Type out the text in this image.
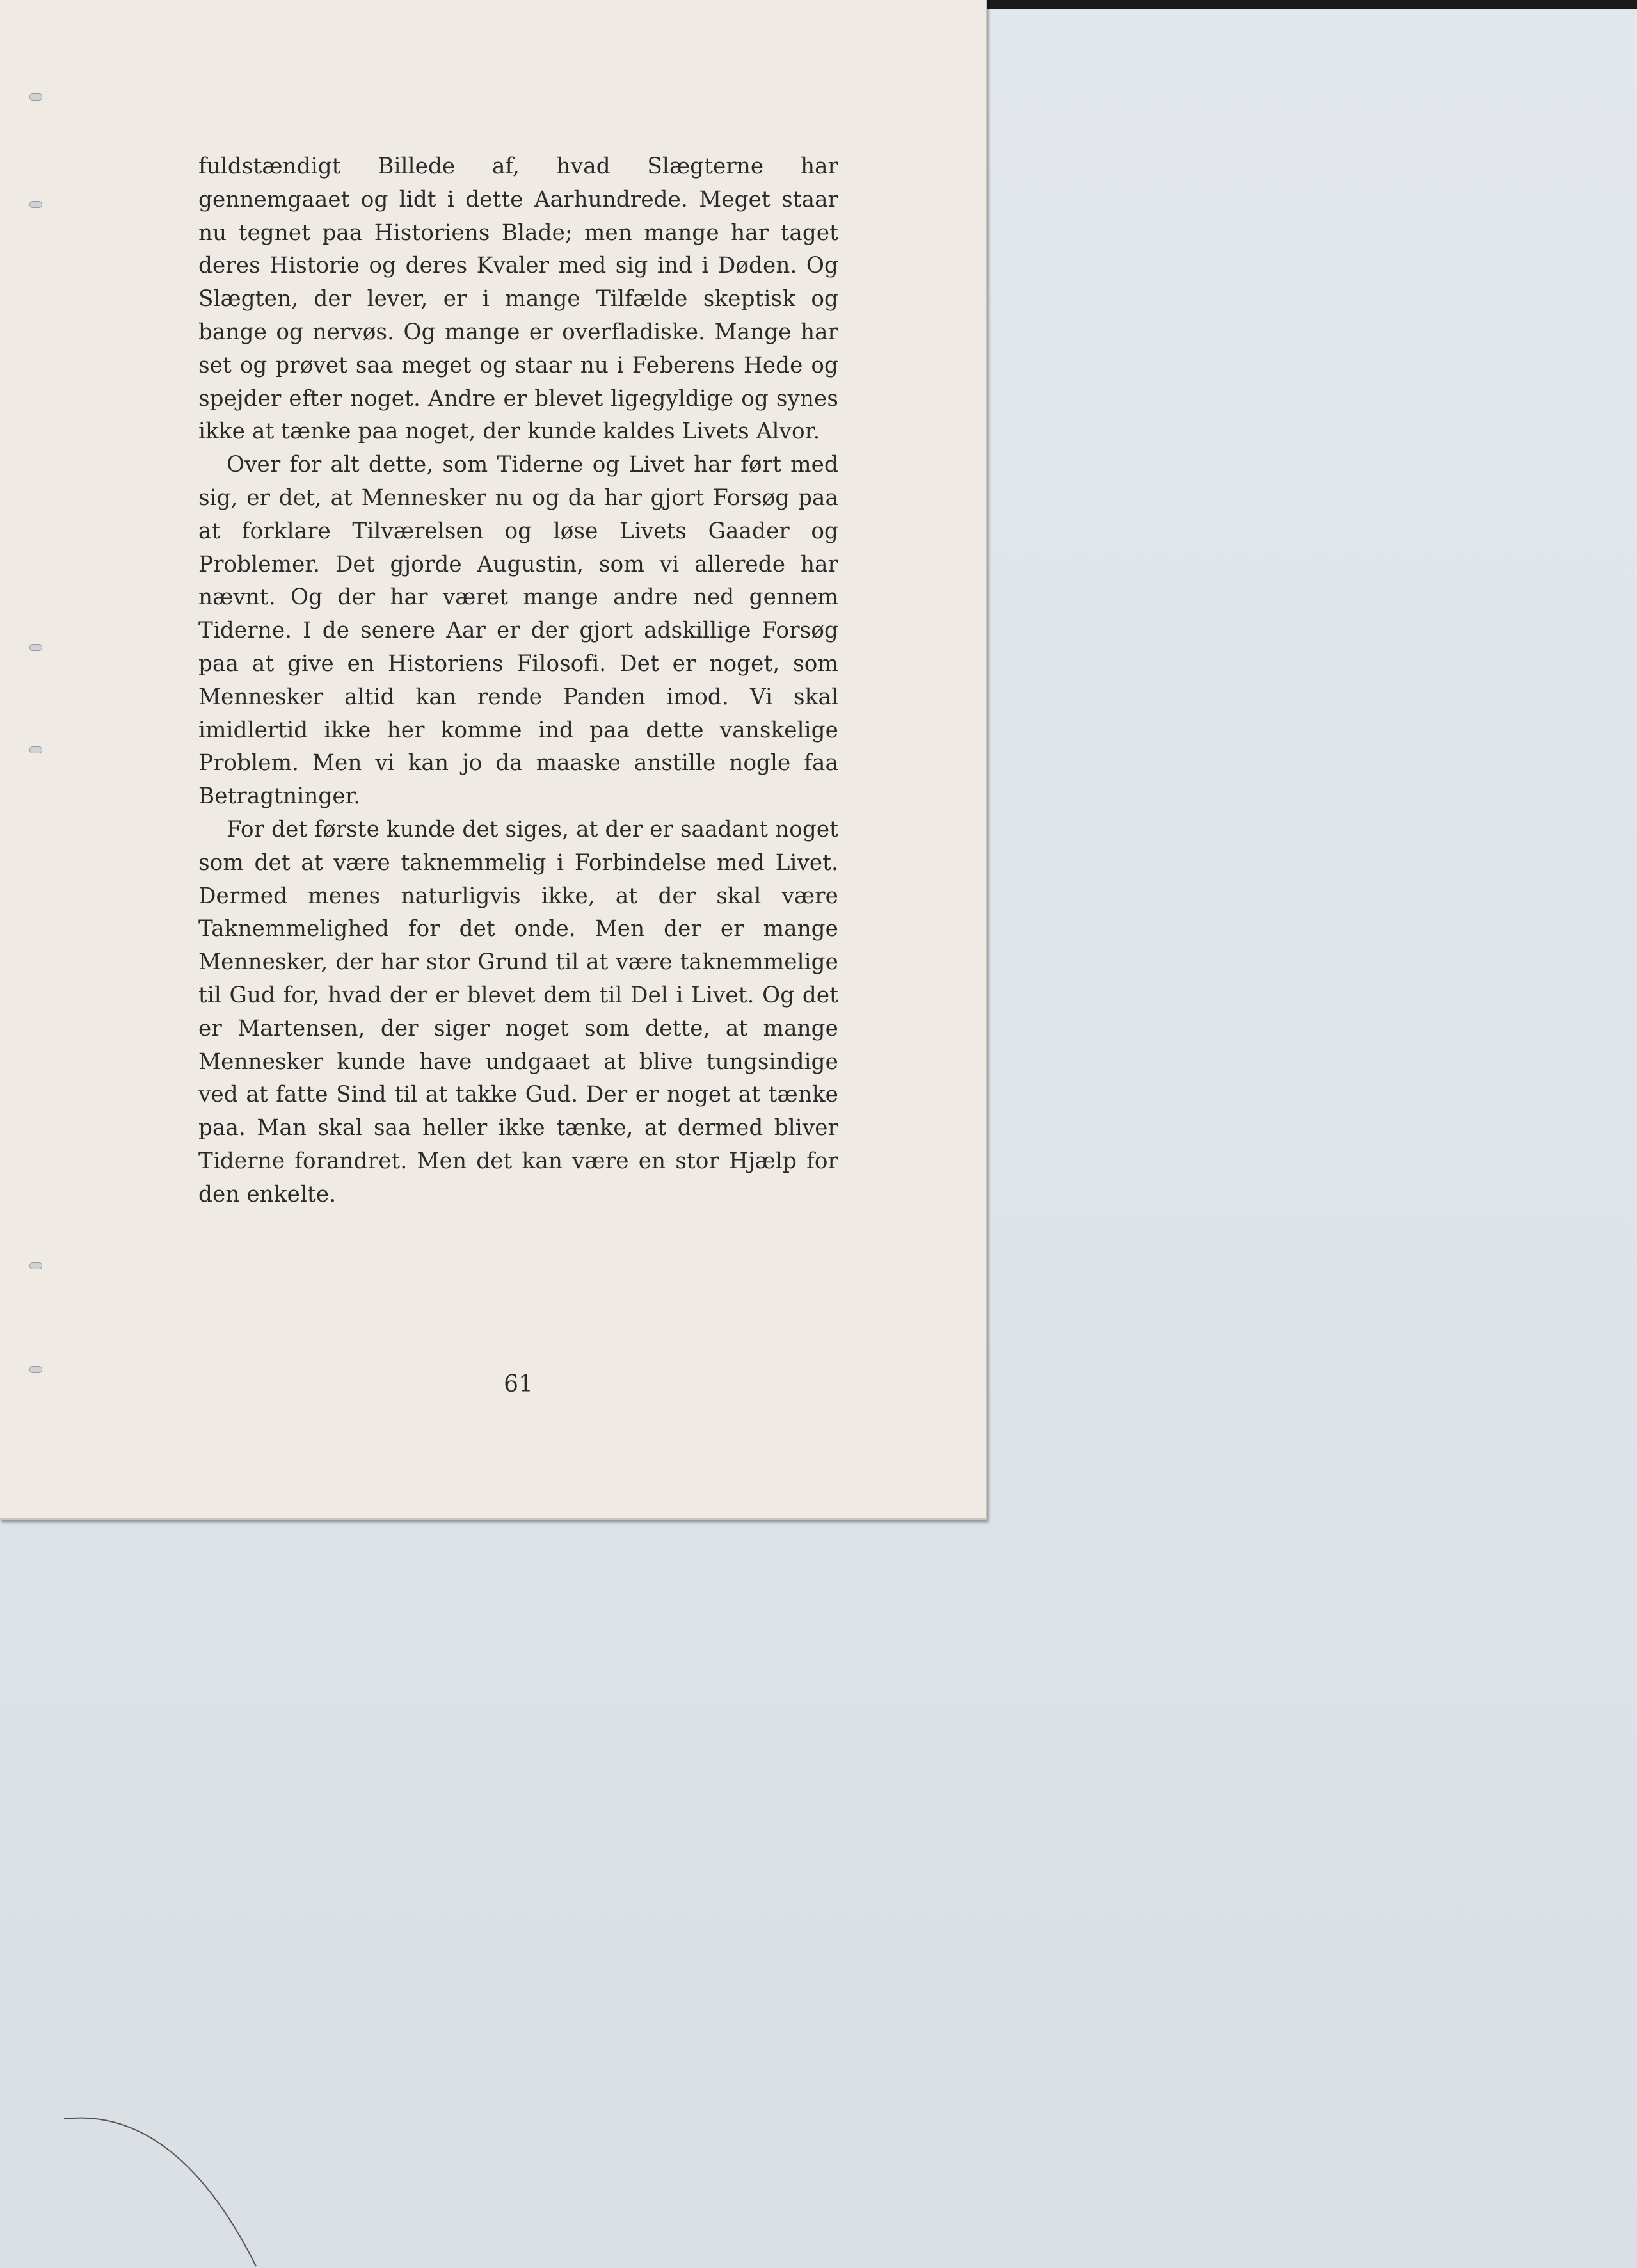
fuldstændigt Billede af, hvad Slægterne har gennemgaaet og lidt i dette Aarhundrede. Meget staar nu tegnet paa Historiens Blade; men mange har taget deres Historie og deres Kvaler med sig ind i Døden. Og Slægten, der lever, er i mange Tilfælde skeptisk og bange og nervøs. Og mange er overfladiske. Mange har set og prøvet saa meget og staar nu i Feberens Hede og spejder efter noget. Andre er blevet ligegyldige og synes ikke at tænke paa noget, der kunde kaldes Livets Alvor.

Over for alt dette, som Tiderne og Livet har ført med sig, er det, at Mennesker nu og da har gjort Forsøg paa at forklare Tilværelsen og løse Livets Gaader og Problemer. Det gjorde Augustin, som vi allerede har nævnt. Og der har været mange andre ned gennem Tiderne. I de senere Aar er der gjort adskillige Forsøg paa at give en Historiens Filosofi. Det er noget, som Mennesker altid kan rende Panden imod. Vi skal imidlertid ikke her komme ind paa dette vanskelige Problem. Men vi kan jo da maaske anstille nogle faa Betragtninger.

For det første kunde det siges, at der er saadant noget som det at være taknemmelig i Forbindelse med Livet. Dermed menes naturligvis ikke, at der skal være Taknemmelighed for det onde. Men der er mange Mennesker, der har stor Grund til at være taknemmelige til Gud for, hvad der er blevet dem til Del i Livet. Og det er Martensen, der siger noget som dette, at mange Mennesker kunde have undgaaet at blive tungsindige ved at fatte Sind til at takke Gud. Der er noget at tænke paa. Man skal saa heller ikke tænke, at dermed bliver Tiderne forandret. Men det kan være en stor Hjælp for den enkelte.

61
